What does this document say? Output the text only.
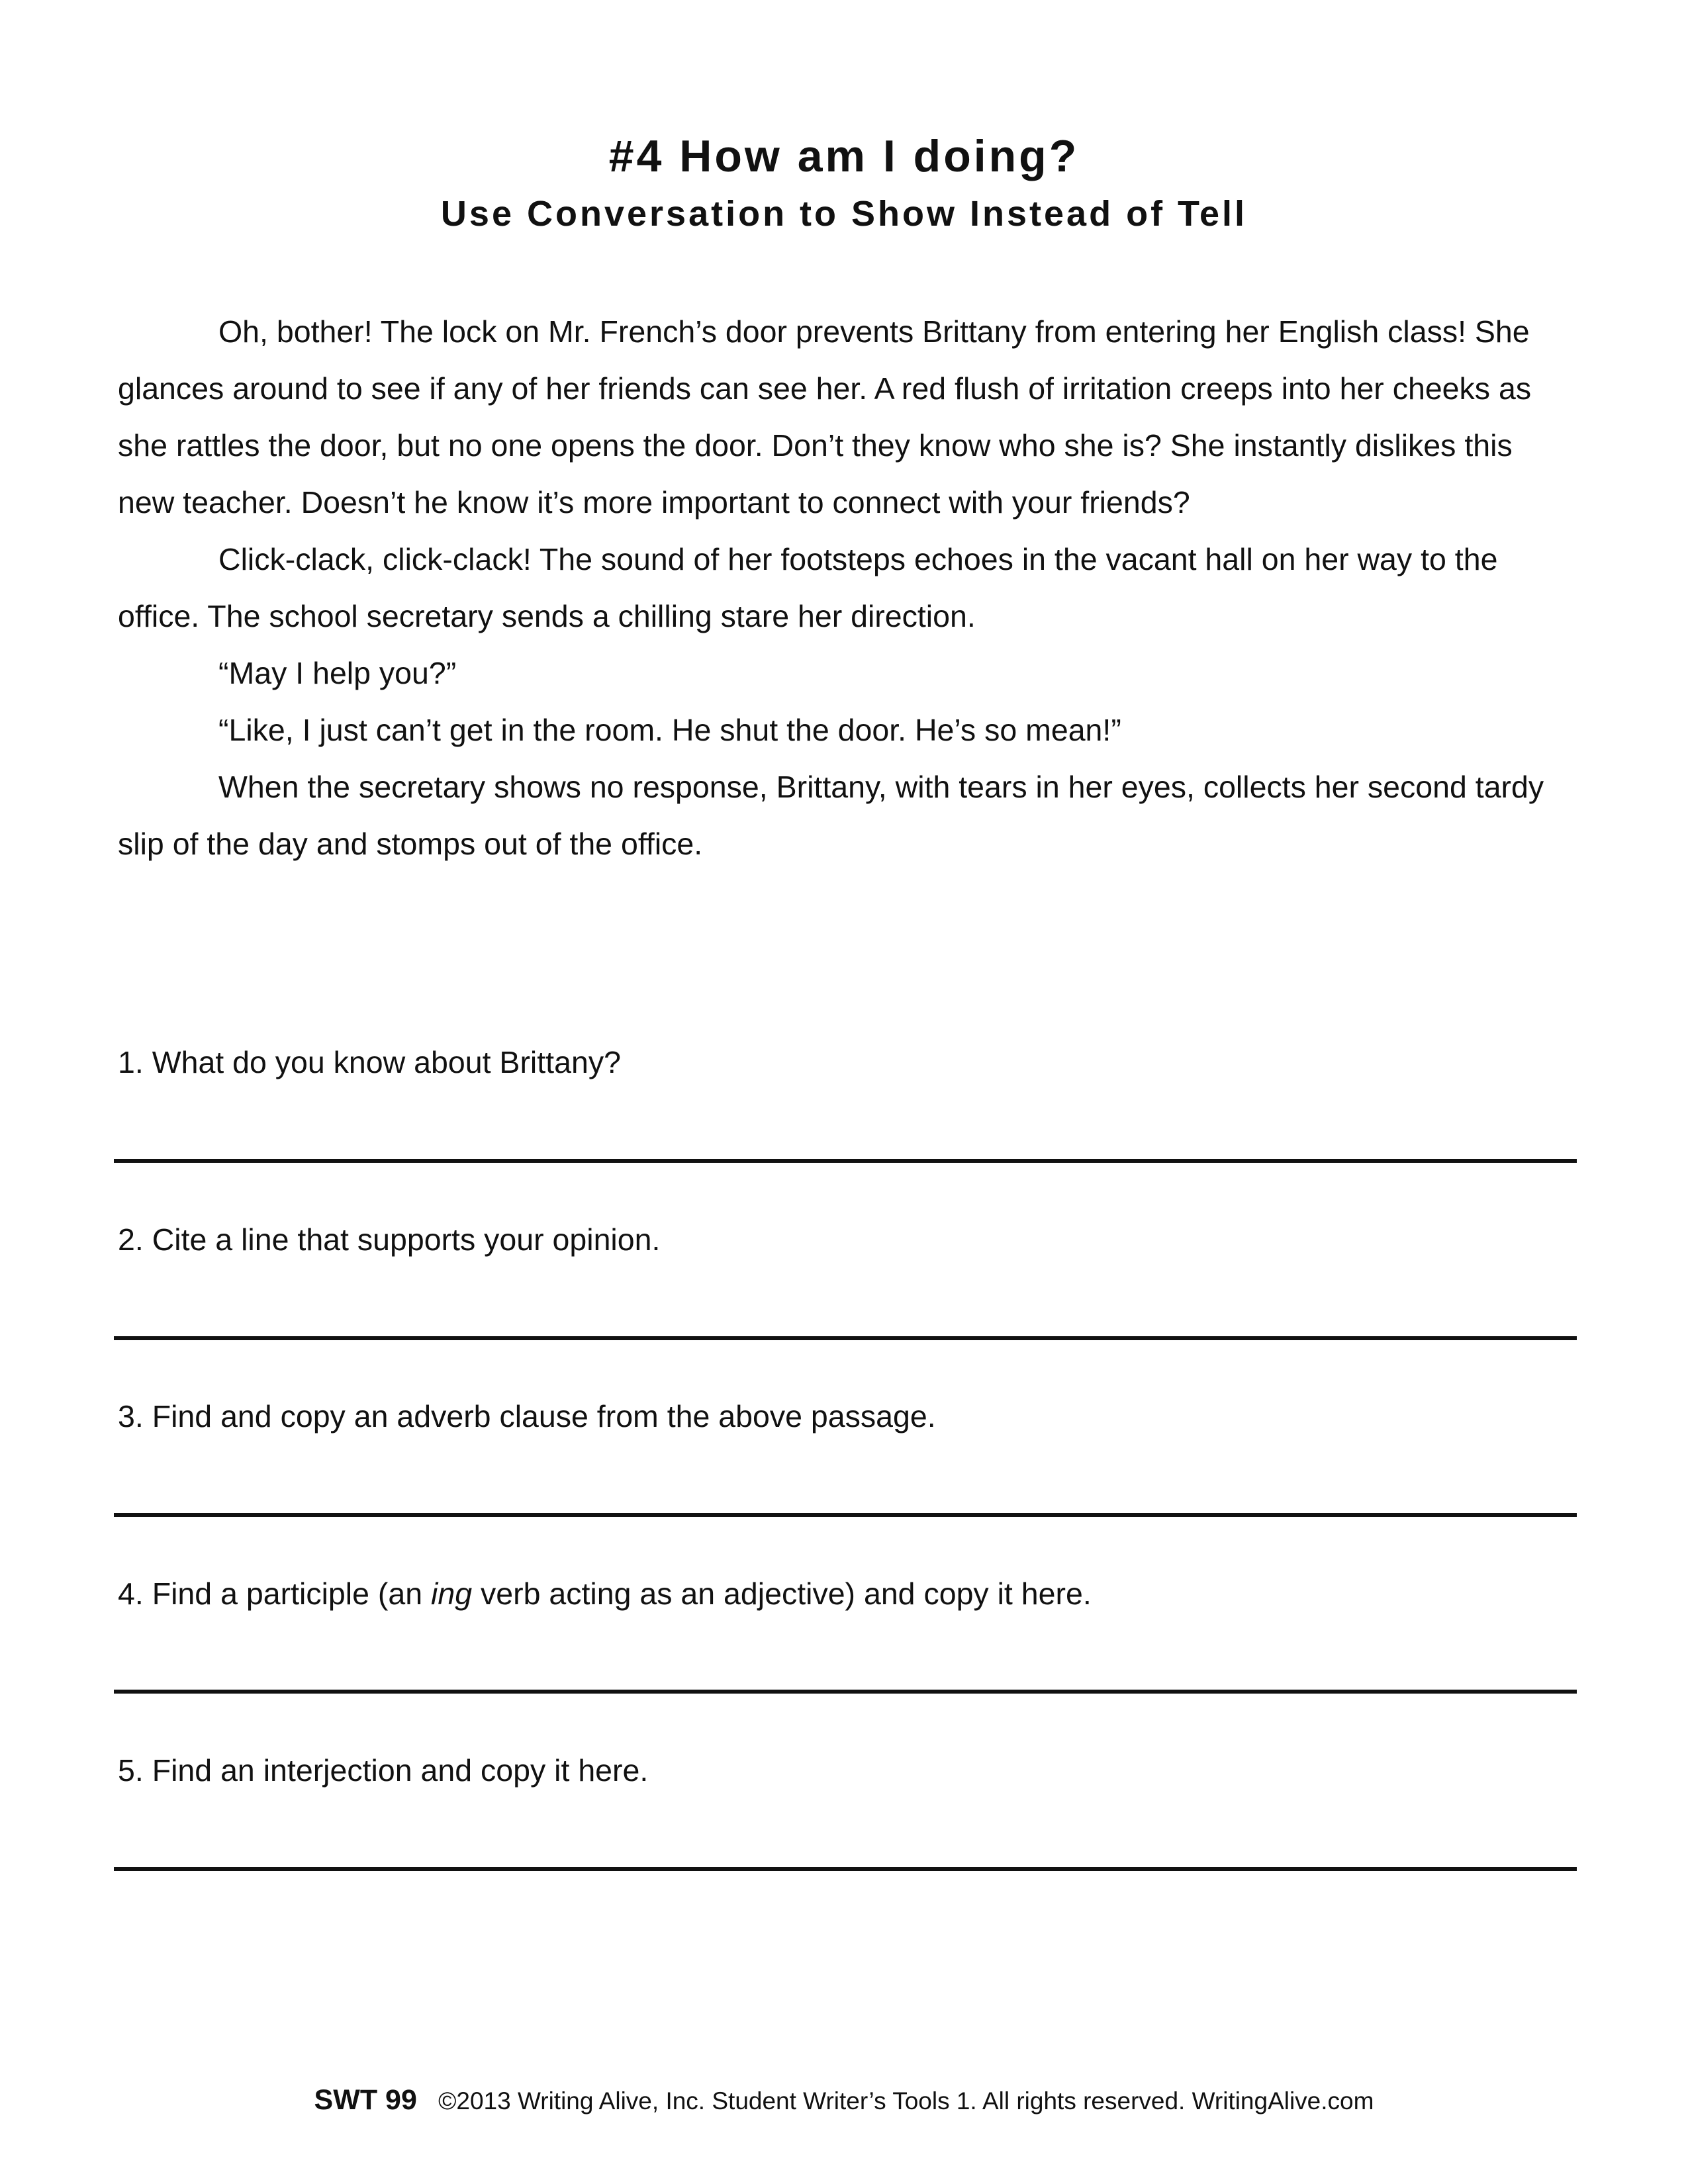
#4 How am I doing?
Use Conversation to Show Instead of Tell

Oh, bother! The lock on Mr. French’s door prevents Brittany from entering her English class! She glances around to see if any of her friends can see her. A red flush of irritation creeps into her cheeks as she rattles the door, but no one opens the door. Don’t they know who she is? She instantly dislikes this new teacher. Doesn’t he know it’s more important to connect with your friends?

Click-clack, click-clack! The sound of her footsteps echoes in the vacant hall on her way to the office. The school secretary sends a chilling stare her direction.

“May I help you?”

“Like, I just can’t get in the room. He shut the door. He’s so mean!”

When the secretary shows no response, Brittany, with tears in her eyes, collects her second tardy slip of the day and stomps out of the office.

1. What do you know about Brittany?

2. Cite a line that supports your opinion.

3. Find and copy an adverb clause from the above passage.

4. Find a participle (an ing verb acting as an adjective) and copy it here.

5. Find an interjection and copy it here.

SWT 99 ©2013 Writing Alive, Inc. Student Writer’s Tools 1. All rights reserved. WritingAlive.com
